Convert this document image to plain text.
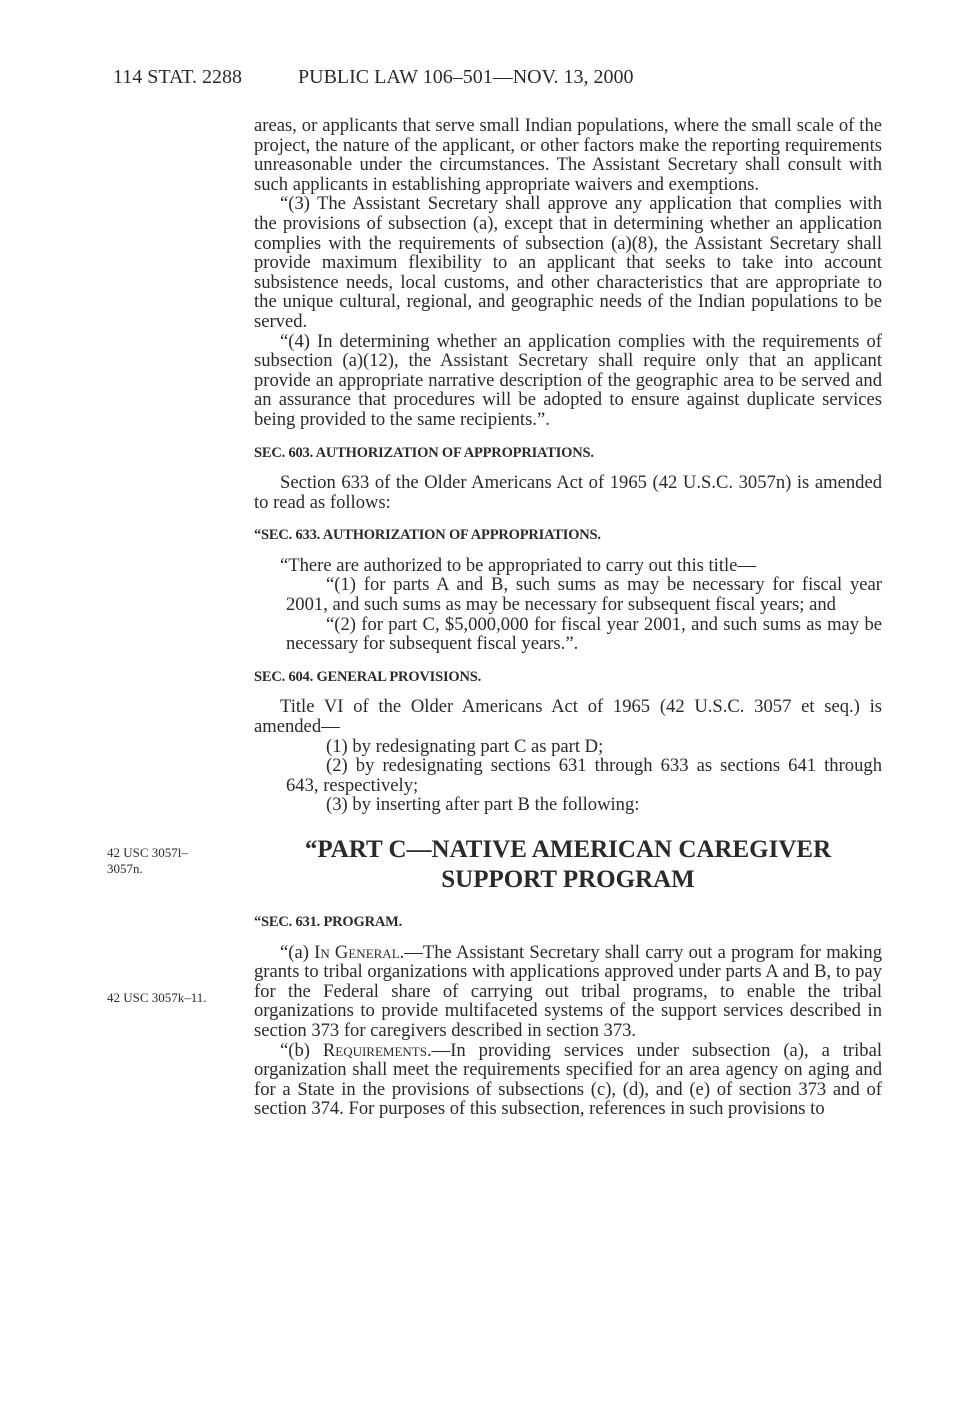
114 STAT. 2288	PUBLIC LAW 106–501—NOV. 13, 2000
42 USC 3057l–3057n.
42 USC 3057k–11.

areas, or applicants that serve small Indian populations, where the small scale of the project, the nature of the applicant, or other factors make the reporting requirements unreasonable under the circumstances. The Assistant Secretary shall consult with such applicants in establishing appropriate waivers and exemptions.

“(3) The Assistant Secretary shall approve any application that complies with the provisions of subsection (a), except that in determining whether an application complies with the requirements of subsection (a)(8), the Assistant Secretary shall provide maximum flexibility to an applicant that seeks to take into account subsistence needs, local customs, and other characteristics that are appropriate to the unique cultural, regional, and geographic needs of the Indian populations to be served.

“(4) In determining whether an application complies with the requirements of subsection (a)(12), the Assistant Secretary shall require only that an applicant provide an appropriate narrative description of the geographic area to be served and an assurance that procedures will be adopted to ensure against duplicate services being provided to the same recipients.”.

SEC. 603. AUTHORIZATION OF APPROPRIATIONS.

Section 633 of the Older Americans Act of 1965 (42 U.S.C. 3057n) is amended to read as follows:

“SEC. 633. AUTHORIZATION OF APPROPRIATIONS.

“There are authorized to be appropriated to carry out this title—

“(1) for parts A and B, such sums as may be necessary for fiscal year 2001, and such sums as may be necessary for subsequent fiscal years; and

“(2) for part C, $5,000,000 for fiscal year 2001, and such sums as may be necessary for subsequent fiscal years.”.

SEC. 604. GENERAL PROVISIONS.

Title VI of the Older Americans Act of 1965 (42 U.S.C. 3057 et seq.) is amended—

(1) by redesignating part C as part D;

(2) by redesignating sections 631 through 633 as sections 641 through 643, respectively;

(3) by inserting after part B the following:

“PART C—NATIVE AMERICAN CAREGIVER
SUPPORT PROGRAM
“SEC. 631. PROGRAM.

“(a) In General.—The Assistant Secretary shall carry out a program for making grants to tribal organizations with applications approved under parts A and B, to pay for the Federal share of carrying out tribal programs, to enable the tribal organizations to provide multifaceted systems of the support services described in section 373 for caregivers described in section 373.

“(b) Requirements.—In providing services under subsection (a), a tribal organization shall meet the requirements specified for an area agency on aging and for a State in the provisions of subsections (c), (d), and (e) of section 373 and of section 374. For purposes of this subsection, references in such provisions to
